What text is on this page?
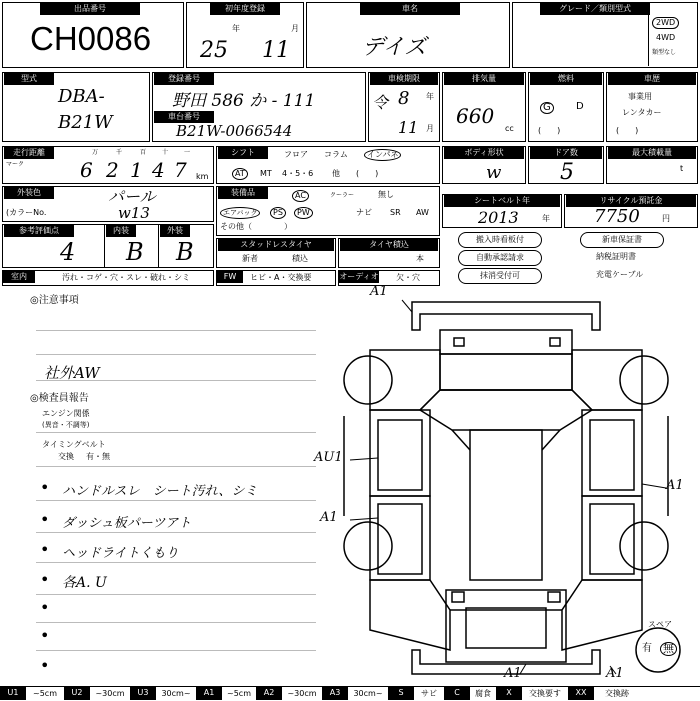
出品番号
CH0086
初年度登録
年	月
25 11
車名
デイズ
グレード／類別型式
2WD
4WD
類型なし
型式
DBA-
B21W
登録番号
野田 586 か - 111
車台番号
B21W-0066544
車検期限
令 8 年
11 月
排気量
660
cc
燃料
G	D
(　　)
車歴
事業用
レンタカー
(　　)
走行距離
マーク	6 2 1 4 7
万	千	百	十	一
km
シフト	フロア コラム	インパネ
AT	MT 4・5・6 他 (　　)
ボディ形状
w
ドア数
5
最大積載量
t
外装色	パール
(カラーNo.	w13
装備品	AC	クーラー	無し
エアバック	PS	PW	ナビ SR AW
その他（　　　　）
シートベルト年
2013	年
リサイクル預託金
7750	円
参考評価点
4
内装
B
外装
B	スタッドレスタイヤ
新者	積込
タイヤ積込
本
搬入時看板付	新車保証書
自動承認請求	納税証明書
抹消受付可	充電ケーブル
室内	汚れ・コゲ・穴・スレ・破れ・シミ	FW	ヒビ・A・交換要	オーディオ 欠・穴
◎注意事項
社外AW
◎検査員報告
エンジン関係
(異音・不調等)
タイミングベルト
交換 有・無
• ハンドルスレ　シート汚れ、シミ
• ダッシュ板パーツアト
• ヘッドライトくもり
• 各A. U
•
•
•
A1
AU1
A1
A1
A1	A1
スペア
有 無
U1	~5cm	U2	~30cm	U3	30cm~	A1	~5cm	A2	~30cm	A3	30cm~	S	サビ	C	腐食	X	交換要す	XX	交換跡
